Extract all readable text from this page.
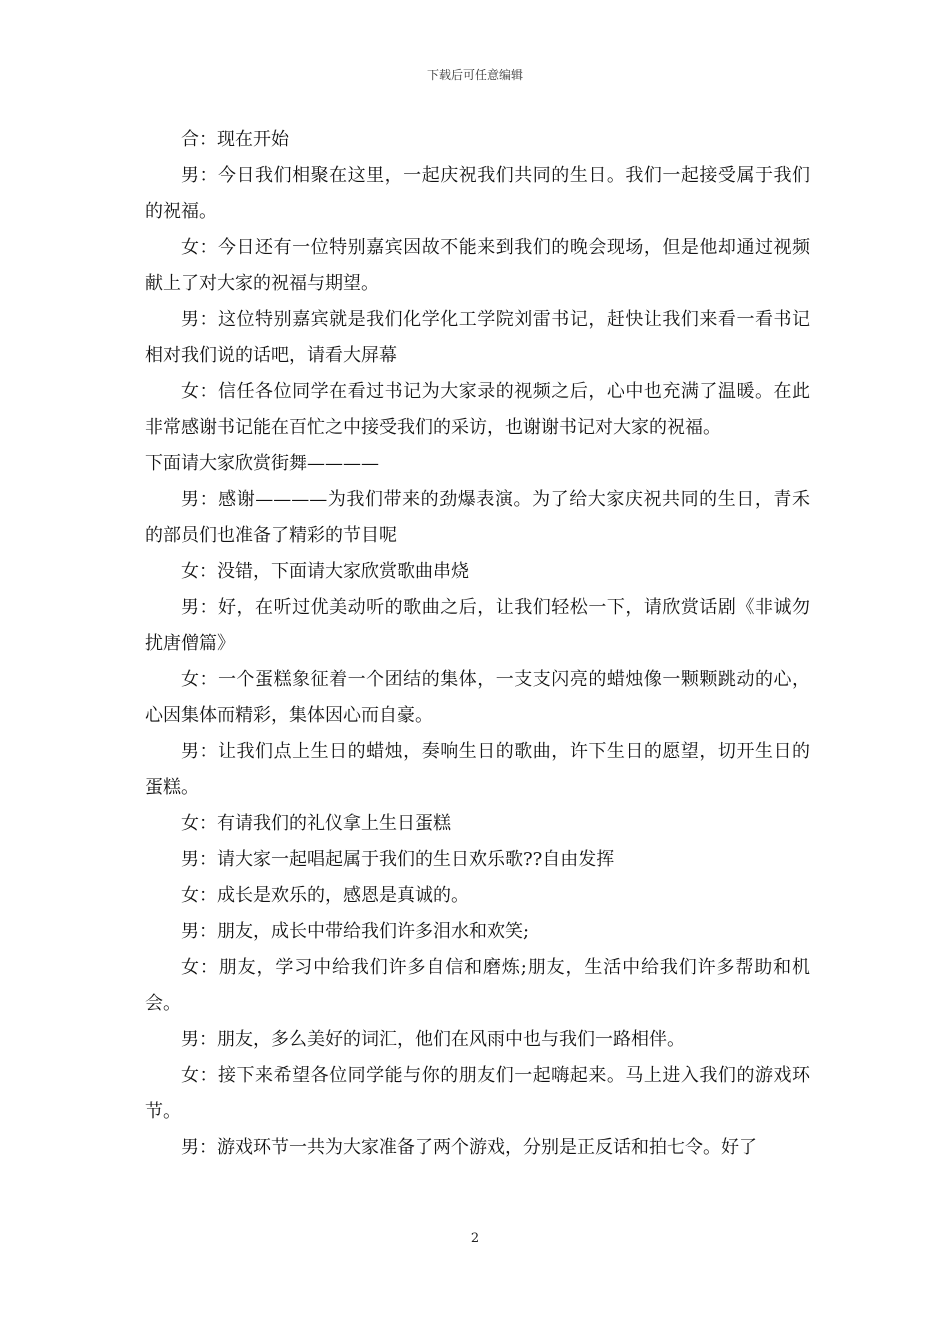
下载后可任意编辑

合：现在开始

男：今日我们相聚在这里，一起庆祝我们共同的生日。我们一起接受属于我们的祝福。

女：今日还有一位特别嘉宾因故不能来到我们的晚会现场，但是他却通过视频献上了对大家的祝福与期望。

男：这位特别嘉宾就是我们化学化工学院刘雷书记，赶快让我们来看一看书记相对我们说的话吧，请看大屏幕

女：信任各位同学在看过书记为大家录的视频之后，心中也充满了温暖。在此非常感谢书记能在百忙之中接受我们的采访，也谢谢书记对大家的祝福。

下面请大家欣赏街舞————

男：感谢————为我们带来的劲爆表演。为了给大家庆祝共同的生日，青禾的部员们也准备了精彩的节目呢

女：没错，下面请大家欣赏歌曲串烧

男：好，在听过优美动听的歌曲之后，让我们轻松一下，请欣赏话剧《非诚勿扰唐僧篇》

女：一个蛋糕象征着一个团结的集体，一支支闪亮的蜡烛像一颗颗跳动的心，心因集体而精彩，集体因心而自豪。

男：让我们点上生日的蜡烛，奏响生日的歌曲，许下生日的愿望，切开生日的蛋糕。

女：有请我们的礼仪拿上生日蛋糕

男：请大家一起唱起属于我们的生日欢乐歌??自由发挥

女：成长是欢乐的，感恩是真诚的。

男：朋友，成长中带给我们许多泪水和欢笑;

女：朋友，学习中给我们许多自信和磨炼;朋友，生活中给我们许多帮助和机会。

男：朋友，多么美好的词汇，他们在风雨中也与我们一路相伴。

女：接下来希望各位同学能与你的朋友们一起嗨起来。马上进入我们的游戏环节。

男：游戏环节一共为大家准备了两个游戏，分别是正反话和拍七令。好了

2
